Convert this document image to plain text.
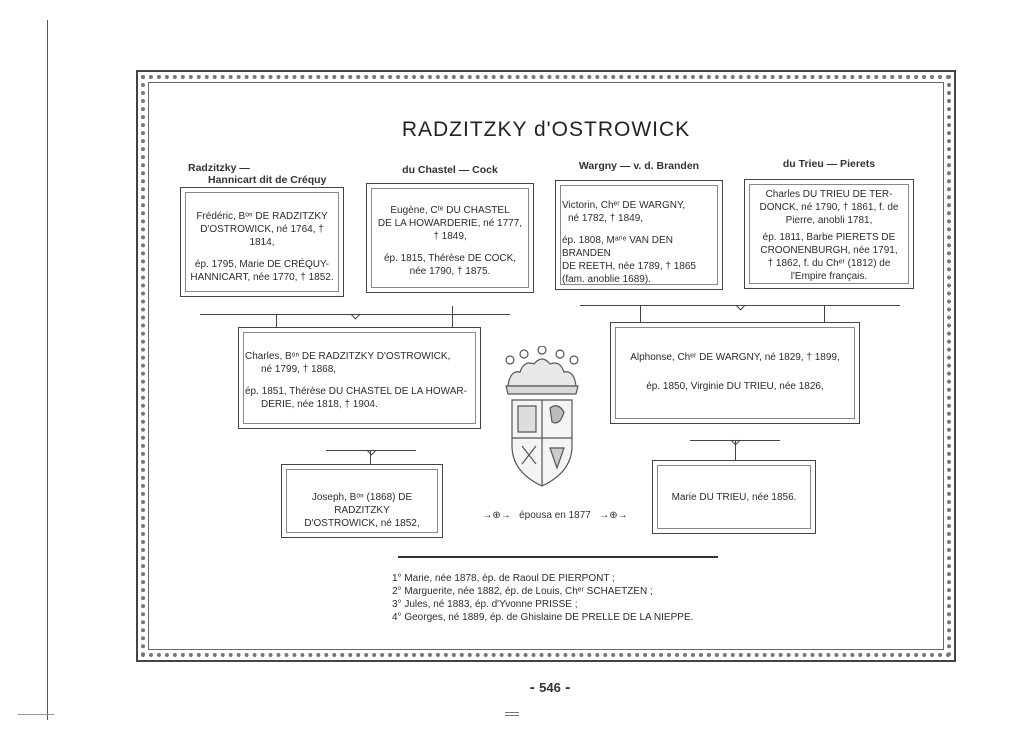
RADZITZKY d'OSTROWICK
Radzitzky —
Hannicart dit de Créquy
du Chastel — Cock	Wargny — v. d. Branden	du Trieu — Pierets

Frédéric, Bᵒⁿ DE RADZITZKY
D'OSTROWICK, né 1764, † 1814,

ép. 1795, Marie DE CRÉQUY-
HANNICART, née 1770, † 1852.

Eugène, Cᵗᵉ DU CHASTEL
DE LA HOWARDERIE, né 1777,
† 1849,

ép. 1815, Thérèse DE COCK,
née 1790, † 1875.

Victorin, Chᵉʳ DE WARGNY,
né 1782, † 1849,

ép. 1808, Mᵃʳⁱᵉ VAN DEN BRANDEN
DE REETH, née 1789, † 1865
(fam. anoblie 1689).

Charles DU TRIEU DE TER-
DONCK, né 1790, † 1861, f. de
Pierre, anobli 1781,

ép. 1811, Barbe PIERETS DE
CROONENBURGH, née 1791,
† 1862, f. du Chᵉʳ (1812) de
l'Empire français.

Charles, Bᵒⁿ DE RADZITZKY D'OSTROWICK,
né 1799, † 1868,

ép. 1851, Thérèse DU CHASTEL DE LA HOWAR-
DERIE, née 1818, † 1904.

Alphonse, Chᵉʳ DE WARGNY, né 1829, † 1899,

ép. 1850, Virginie DU TRIEU, née 1826,

Joseph, Bᵒⁿ (1868) DE RADZITZKY
D'OSTROWICK, né 1852,

Marie DU TRIEU, née 1856.

→⊕→ épousa en 1877 →⊕→
1° Marie, née 1878, ép. de Raoul DE PIERPONT ;
2° Marguerite, née 1882, ép. de Louis, Chᵉʳ SCHAETZEN ;
3° Jules, né 1883, ép. d'Yvonne PRISSE ;
4° Georges, né 1889, ép. de Ghislaine DE PRELLE DE LA NIEPPE.
⁃ 546 ⁃
